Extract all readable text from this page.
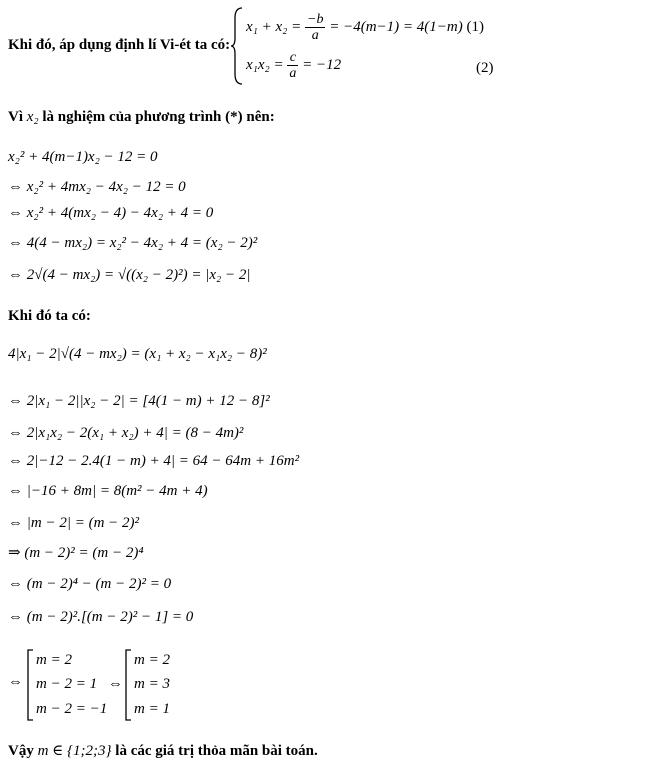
Khi đó, áp dụng định lí Vi-ét ta có:
$x_1 + x_2 = \frac{-b}{a} = -4(m-1) = 4(1-m)$ (1)
$x_1x_2 = \frac{c}{a} = -12$	(2)
Vì x₂ là nghiệm của phương trình (*) nên:
x₂² + 4(m−1)x₂ − 12 = 0
⇔ x₂² + 4mx₂ − 4x₂ − 12 = 0
⇔ x₂² + 4(mx₂ − 4) − 4x₂ + 4 = 0
⇔ 4(4 − mx₂) = x₂² − 4x₂ + 4 = (x₂ − 2)²
⇔ 2√(4 − mx₂) = √((x₂ − 2)²) = |x₂ − 2|
Khi đó ta có:
4|x₁ − 2|√(4 − mx₂) = (x₁ + x₂ − x₁x₂ − 8)²
⇔ 2|x₁ − 2||x₂ − 2| = [4(1 − m) + 12 − 8]²
⇔ 2|x₁x₂ − 2(x₁ + x₂) + 4| = (8 − 4m)²
⇔ 2|−12 − 2.4(1 − m) + 4| = 64 − 64m + 16m²
⇔ |−16 + 8m| = 8(m² − 4m + 4)
⇔ |m − 2| = (m − 2)²
⇒ (m − 2)² = (m − 2)⁴
⇔ (m − 2)⁴ − (m − 2)² = 0
⇔ (m − 2)².[(m − 2)² − 1] = 0
⇔
m = 2
m − 2 = 1
m − 2 = −1
⇔
m = 2
m = 3
m = 1
Vậy m ∈ {1;2;3} là các giá trị thỏa mãn bài toán.
